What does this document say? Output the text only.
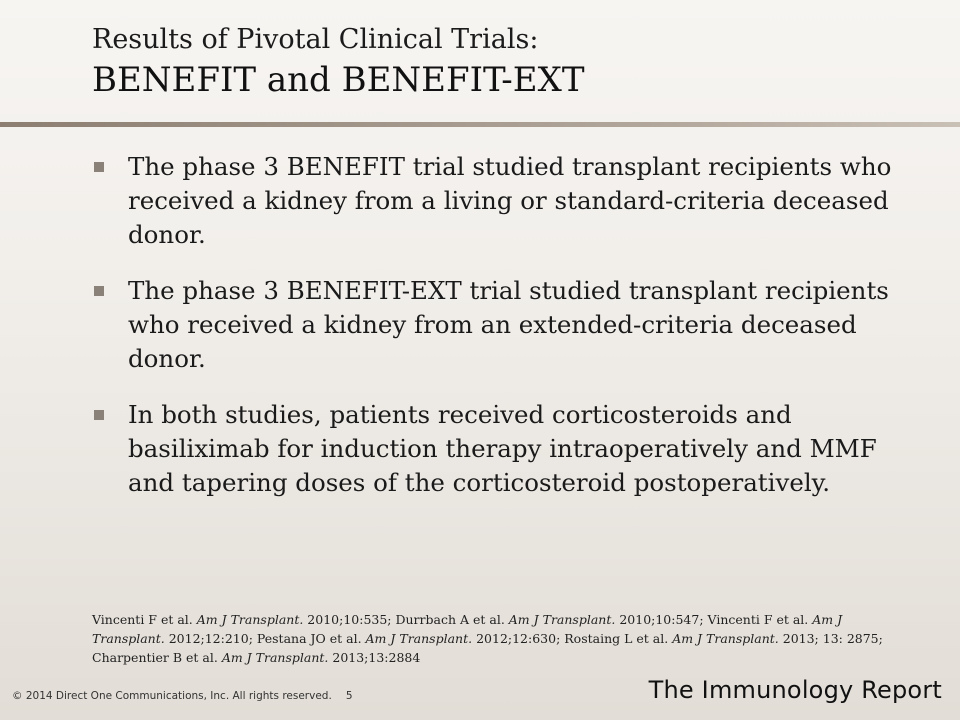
Results of Pivotal Clinical Trials:
BENEFIT and BENEFIT-EXT
The phase 3 BENEFIT trial studied transplant recipients who received a kidney from a living or standard-criteria deceased donor.
The phase 3 BENEFIT-EXT trial studied transplant recipients who received a kidney from an extended-criteria deceased donor.
In both studies, patients received corticosteroids and basiliximab for induction therapy intraoperatively and MMF and tapering doses of the corticosteroid postoperatively.
Vincenti F et al. Am J Transplant. 2010;10:535; Durrbach A et al. Am J Transplant. 2010;10:547; Vincenti F et al. Am J Transplant. 2012;12:210; Pestana JO et al. Am J Transplant. 2012;12:630; Rostaing L et al. Am J Transplant. 2013; 13: 2875; Charpentier B et al. Am J Transplant. 2013;13:2884
© 2014 Direct One Communications, Inc. All rights reserved. 5	The Immunology Report
